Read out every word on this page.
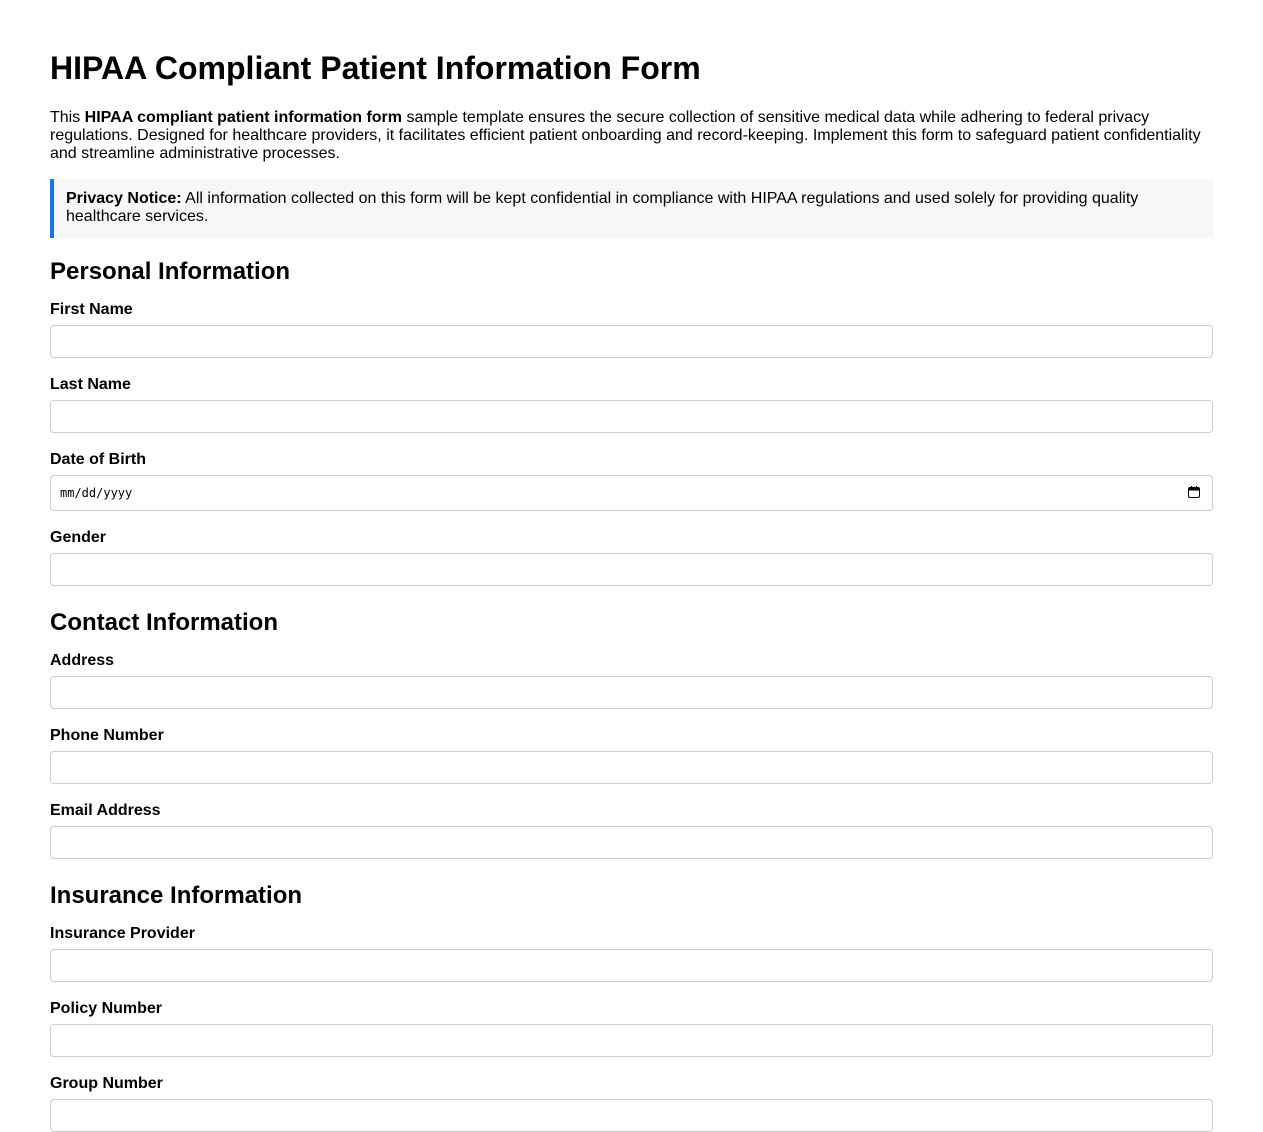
HIPAA Compliant Patient Information Form

This HIPAA compliant patient information form sample template ensures the secure collection of sensitive medical data while adhering to federal privacy regulations. Designed for healthcare providers, it facilitates efficient patient onboarding and record-keeping. Implement this form to safeguard patient confidentiality and streamline administrative processes.

Privacy Notice: All information collected on this form will be kept confidential in compliance with HIPAA regulations and used solely for providing quality healthcare services.
Personal Information
First Name
Last Name
Date of Birth
mm/dd/yyyy
Gender
Contact Information
Address
Phone Number
Email Address
Insurance Information
Insurance Provider
Policy Number
Group Number
